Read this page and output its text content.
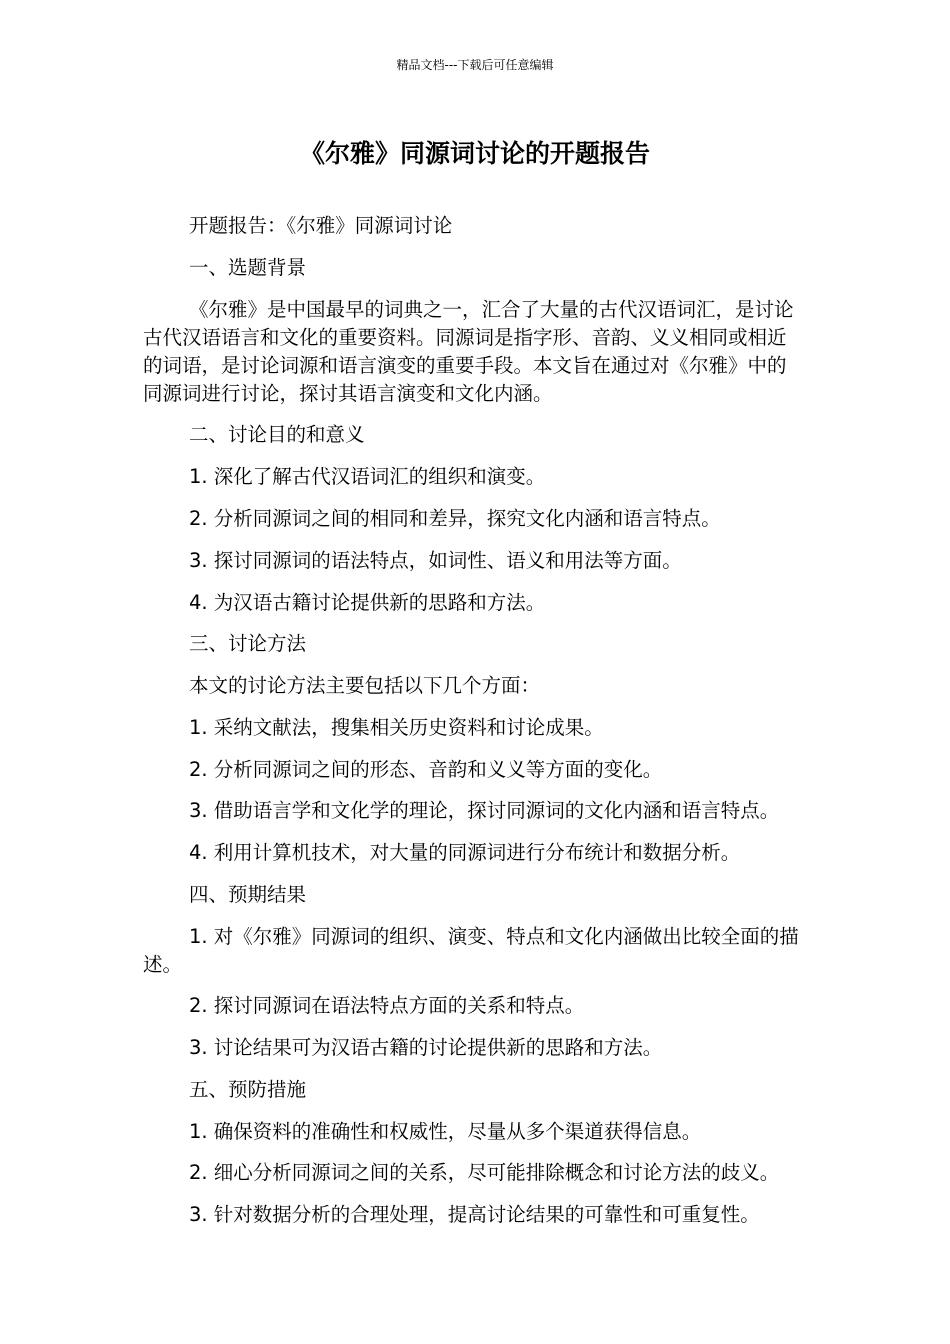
精品文档---下载后可任意编辑
《尔雅》同源词讨论的开题报告
开题报告：《尔雅》同源词讨论
一、选题背景

《尔雅》是中国最早的词典之一，汇合了大量的古代汉语词汇，是讨论古代汉语语言和文化的重要资料。同源词是指字形、音韵、义义相同或相近的词语，是讨论词源和语言演变的重要手段。本文旨在通过对《尔雅》中的同源词进行讨论，探讨其语言演变和文化内涵。

二、讨论目的和意义
1. 深化了解古代汉语词汇的组织和演变。
2. 分析同源词之间的相同和差异，探究文化内涵和语言特点。
3. 探讨同源词的语法特点，如词性、语义和用法等方面。
4. 为汉语古籍讨论提供新的思路和方法。
三、讨论方法
本文的讨论方法主要包括以下几个方面：
1. 采纳文献法，搜集相关历史资料和讨论成果。
2. 分析同源词之间的形态、音韵和义义等方面的变化。
3. 借助语言学和文化学的理论，探讨同源词的文化内涵和语言特点。
4. 利用计算机技术，对大量的同源词进行分布统计和数据分析。
四、预期结果

1. 对《尔雅》同源词的组织、演变、特点和文化内涵做出比较全面的描述。

2. 探讨同源词在语法特点方面的关系和特点。
3. 讨论结果可为汉语古籍的讨论提供新的思路和方法。
五、预防措施
1. 确保资料的准确性和权威性，尽量从多个渠道获得信息。
2. 细心分析同源词之间的关系，尽可能排除概念和讨论方法的歧义。
3. 针对数据分析的合理处理，提高讨论结果的可靠性和可重复性。
